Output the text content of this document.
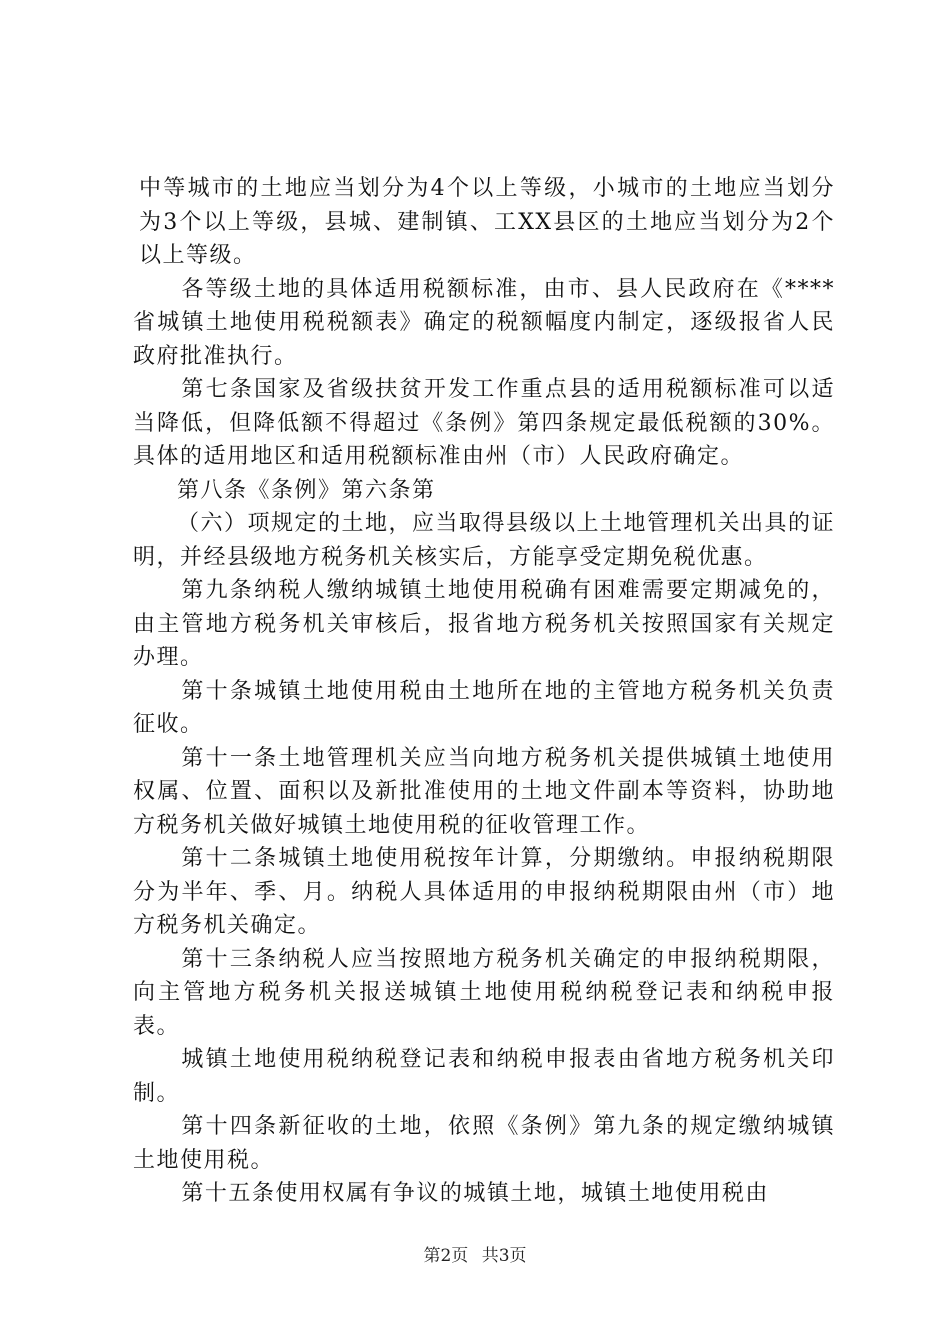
中等城市的土地应当划分为4个以上等级，小城市的土地应当划分为3个以上等级，县城、建制镇、工XX县区的土地应当划分为2个以上等级。

各等级土地的具体适用税额标准，由市、县人民政府在《****省城镇土地使用税税额表》确定的税额幅度内制定，逐级报省人民政府批准执行。

第七条国家及省级扶贫开发工作重点县的适用税额标准可以适当降低，但降低额不得超过《条例》第四条规定最低税额的30%。具体的适用地区和适用税额标准由州（市）人民政府确定。

第八条《条例》第六条第

（六）项规定的土地，应当取得县级以上土地管理机关出具的证明，并经县级地方税务机关核实后，方能享受定期免税优惠。

第九条纳税人缴纳城镇土地使用税确有困难需要定期减免的，由主管地方税务机关审核后，报省地方税务机关按照国家有关规定办理。

第十条城镇土地使用税由土地所在地的主管地方税务机关负责征收。

第十一条土地管理机关应当向地方税务机关提供城镇土地使用权属、位置、面积以及新批准使用的土地文件副本等资料，协助地方税务机关做好城镇土地使用税的征收管理工作。

第十二条城镇土地使用税按年计算，分期缴纳。申报纳税期限分为半年、季、月。纳税人具体适用的申报纳税期限由州（市）地方税务机关确定。

第十三条纳税人应当按照地方税务机关确定的申报纳税期限，向主管地方税务机关报送城镇土地使用税纳税登记表和纳税申报表。

城镇土地使用税纳税登记表和纳税申报表由省地方税务机关印制。

第十四条新征收的土地，依照《条例》第九条的规定缴纳城镇土地使用税。

第十五条使用权属有争议的城镇土地，城镇土地使用税由

第2页 共3页
